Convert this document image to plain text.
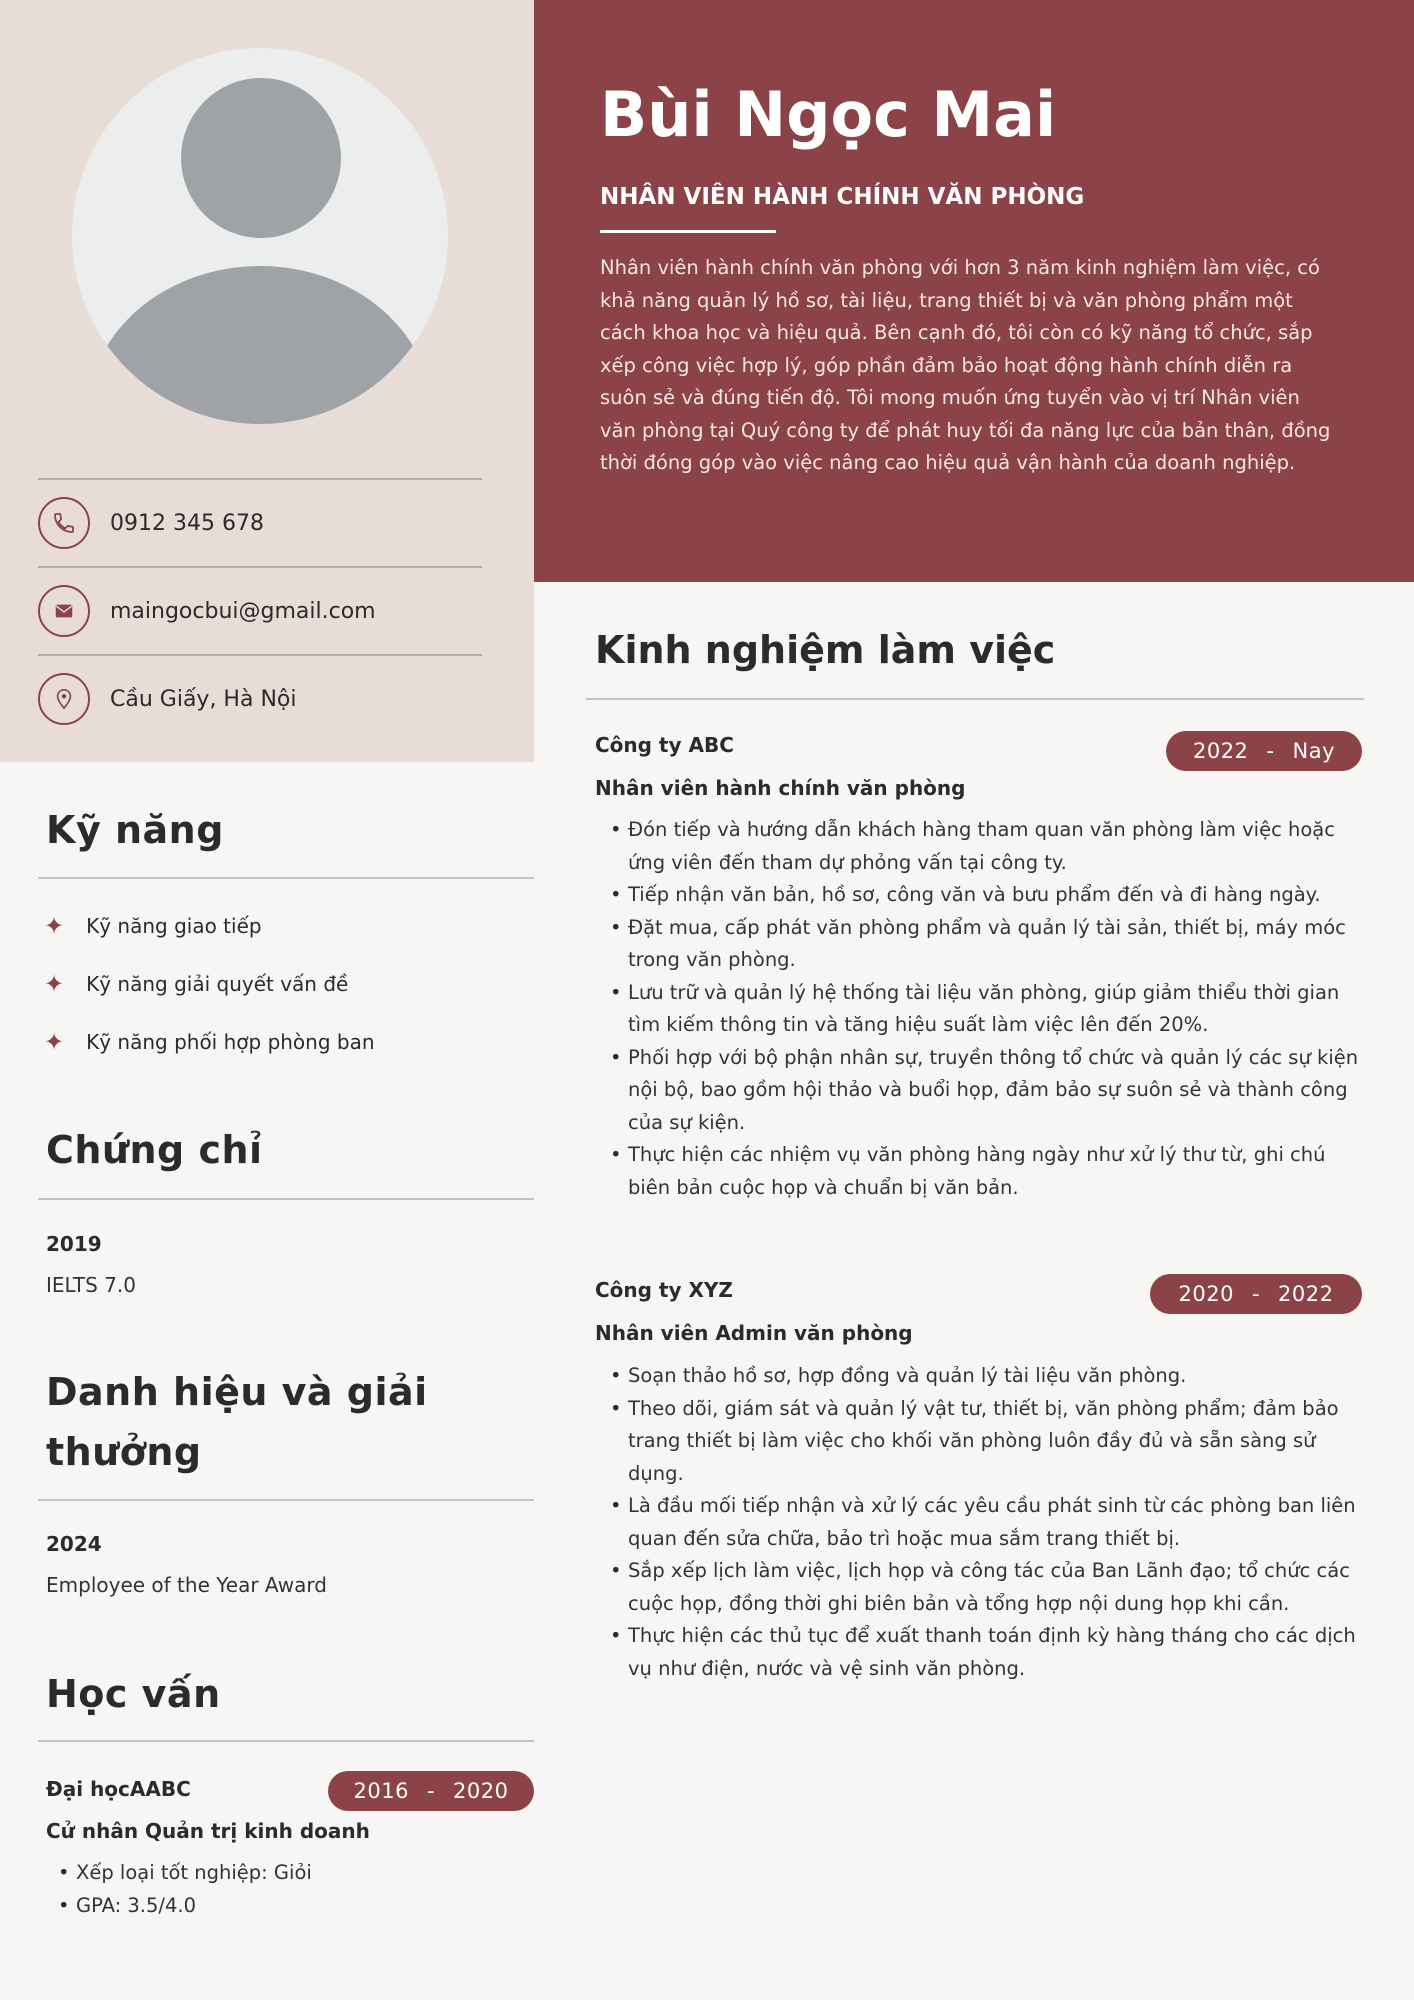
0912 345 678
maingocbui@gmail.com
Cầu Giấy, Hà Nội
Kỹ năng
✦ Kỹ năng giao tiếp
✦ Kỹ năng giải quyết vấn đề
✦ Kỹ năng phối hợp phòng ban
Chứng chỉ
2019
IELTS 7.0
Danh hiệu và giải
thưởng
2024
Employee of the Year Award
Học vấn
Đại họcAABC	2016 - 2020
Cử nhân Quản trị kinh doanh
• Xếp loại tốt nghiệp: Giỏi
• GPA: 3.5/4.0
Bùi Ngọc Mai
NHÂN VIÊN HÀNH CHÍNH VĂN PHÒNG
Nhân viên hành chính văn phòng với hơn 3 năm kinh nghiệm làm việc, có khả năng quản lý hồ sơ, tài liệu, trang thiết bị và văn phòng phẩm một cách khoa học và hiệu quả. Bên cạnh đó, tôi còn có kỹ năng tổ chức, sắp xếp công việc hợp lý, góp phần đảm bảo hoạt động hành chính diễn ra suôn sẻ và đúng tiến độ. Tôi mong muốn ứng tuyển vào vị trí Nhân viên văn phòng tại Quý công ty để phát huy tối đa năng lực của bản thân, đồng thời đóng góp vào việc nâng cao hiệu quả vận hành của doanh nghiệp.
Kinh nghiệm làm việc
Công ty ABC	2022 - Nay
Nhân viên hành chính văn phòng
• Đón tiếp và hướng dẫn khách hàng tham quan văn phòng làm việc hoặc ứng viên đến tham dự phỏng vấn tại công ty.
• Tiếp nhận văn bản, hồ sơ, công văn và bưu phẩm đến và đi hàng ngày.
• Đặt mua, cấp phát văn phòng phẩm và quản lý tài sản, thiết bị, máy móc trong văn phòng.
• Lưu trữ và quản lý hệ thống tài liệu văn phòng, giúp giảm thiểu thời gian tìm kiếm thông tin và tăng hiệu suất làm việc lên đến 20%.
• Phối hợp với bộ phận nhân sự, truyền thông tổ chức và quản lý các sự kiện nội bộ, bao gồm hội thảo và buổi họp, đảm bảo sự suôn sẻ và thành công của sự kiện.
• Thực hiện các nhiệm vụ văn phòng hàng ngày như xử lý thư từ, ghi chú biên bản cuộc họp và chuẩn bị văn bản.
Công ty XYZ	2020 - 2022
Nhân viên Admin văn phòng
• Soạn thảo hồ sơ, hợp đồng và quản lý tài liệu văn phòng.
• Theo dõi, giám sát và quản lý vật tư, thiết bị, văn phòng phẩm; đảm bảo trang thiết bị làm việc cho khối văn phòng luôn đầy đủ và sẵn sàng sử dụng.
• Là đầu mối tiếp nhận và xử lý các yêu cầu phát sinh từ các phòng ban liên quan đến sửa chữa, bảo trì hoặc mua sắm trang thiết bị.
• Sắp xếp lịch làm việc, lịch họp và công tác của Ban Lãnh đạo; tổ chức các cuộc họp, đồng thời ghi biên bản và tổng hợp nội dung họp khi cần.
• Thực hiện các thủ tục để xuất thanh toán định kỳ hàng tháng cho các dịch vụ như điện, nước và vệ sinh văn phòng.
